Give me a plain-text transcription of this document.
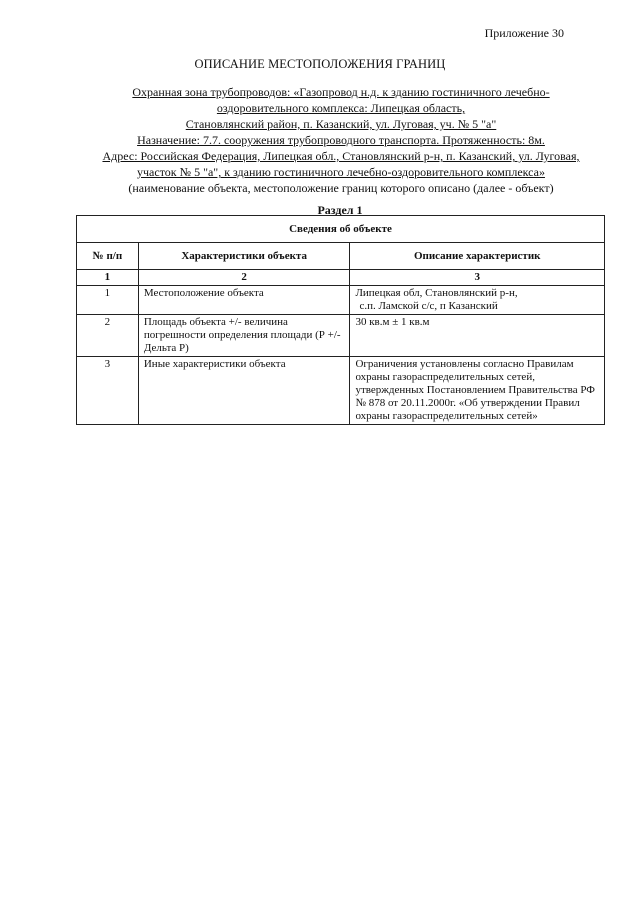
Приложение 30
ОПИСАНИЕ МЕСТОПОЛОЖЕНИЯ ГРАНИЦ
Охранная зона трубопроводов: «Газопровод н.д. к зданию гостиничного лечебно-
оздоровительного комплекса: Липецкая область,
Становлянский район, п. Казанский, ул. Луговая, уч. № 5 "а"
Назначение: 7.7. сооружения трубопроводного транспорта. Протяженность: 8м.
Адрес: Российская Федерация, Липецкая обл., Становлянский р-н, п. Казанский, ул. Луговая,
участок № 5 "а", к зданию гостиничного лечебно-оздоровительного комплекса»
(наименование объекта, местоположение границ которого описано (далее - объект)
Раздел 1
Сведения об объекте		
№ п/п	Характеристики объекта	Описание характеристик
1	2	3
1	Местоположение объекта	Липецкая обл, Становлянский р-н,
с.п. Ламской с/с, п Казанский

2	Площадь объекта +/- величина погрешности определения площади (Р +/- Дельта Р)	30 кв.м ± 1 кв.м
3	Иные характеристики объекта	Ограничения установлены согласно Правилам охраны газораспределительных сетей, утвержденных Постановлением Правительства РФ № 878 от 20.11.2000г. «Об утверждении Правил охраны газораспределительных сетей»
